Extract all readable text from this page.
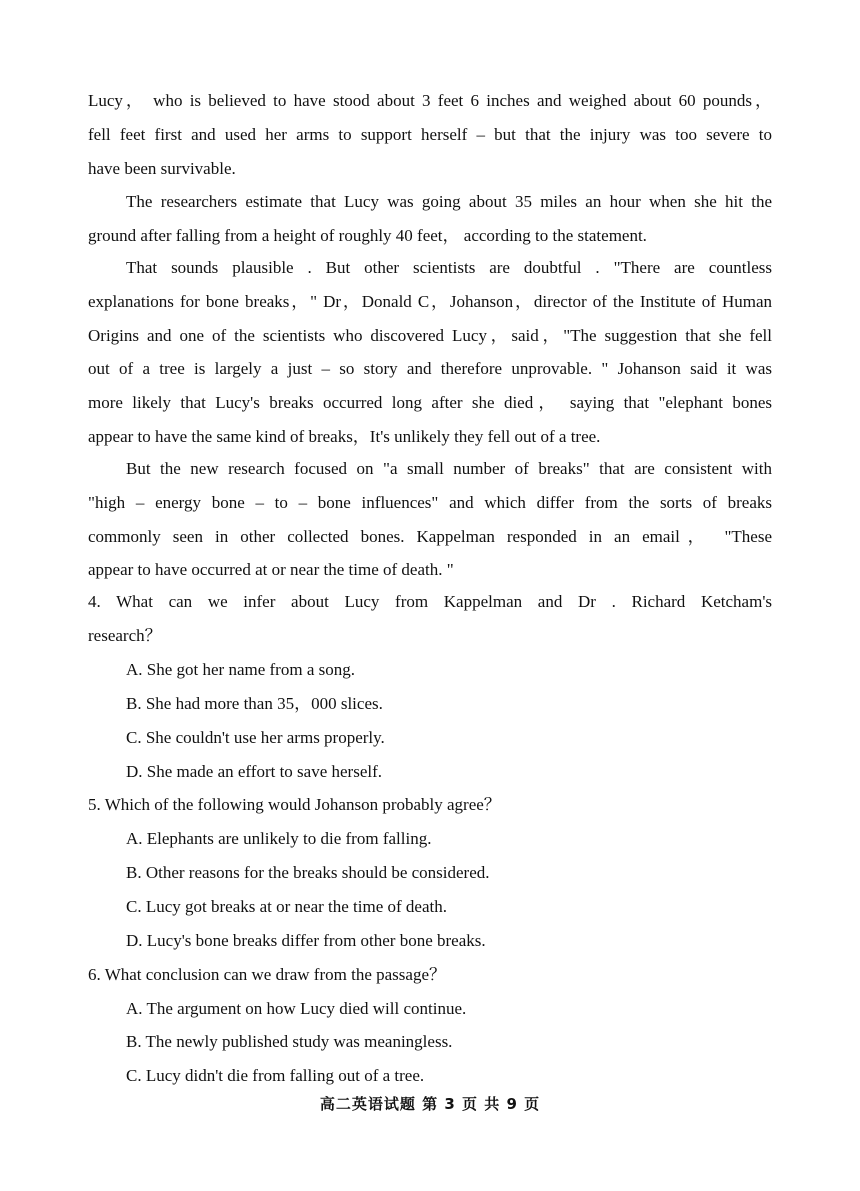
Lucy， who is believed to have stood about 3 feet 6 inches and weighed about 60 pounds，
fell feet first and used her arms to support herself – but that the injury was too severe to
have been survivable.
The researchers estimate that Lucy was going about 35 miles an hour when she hit the
ground after falling from a height of roughly 40 feet， according to the statement.
That sounds plausible . But other scientists are doubtful . "There are countless
explanations for bone breaks，" Dr，Donald C，Johanson，director of the Institute of Human
Origins and one of the scientists who discovered Lucy，said，"The suggestion that she fell
out of a tree is largely a just – so story and therefore unprovable. " Johanson said it was
more likely that Lucy's breaks occurred long after she died， saying that "elephant bones
appear to have the same kind of breaks，It's unlikely they fell out of a tree.
But the new research focused on "a small number of breaks" that are consistent with
"high – energy bone – to – bone influences" and which differ from the sorts of breaks
commonly seen in other collected bones. Kappelman responded in an email， "These
appear to have occurred at or near the time of death. "
4. What can we infer about Lucy from Kappelman and Dr . Richard Ketcham's
research？

A. She got her name from a song.

B. She had more than 35，000 slices.

C. She couldn't use her arms properly.

D. She made an effort to save herself.

5. Which of the following would Johanson probably agree？

A. Elephants are unlikely to die from falling.

B. Other reasons for the breaks should be considered.

C. Lucy got breaks at or near the time of death.

D. Lucy's bone breaks differ from other bone breaks.

6. What conclusion can we draw from the passage？

A. The argument on how Lucy died will continue.

B. The newly published study was meaningless.

C. Lucy didn't die from falling out of a tree.

高二英语试题 第 3 页 共 9 页
